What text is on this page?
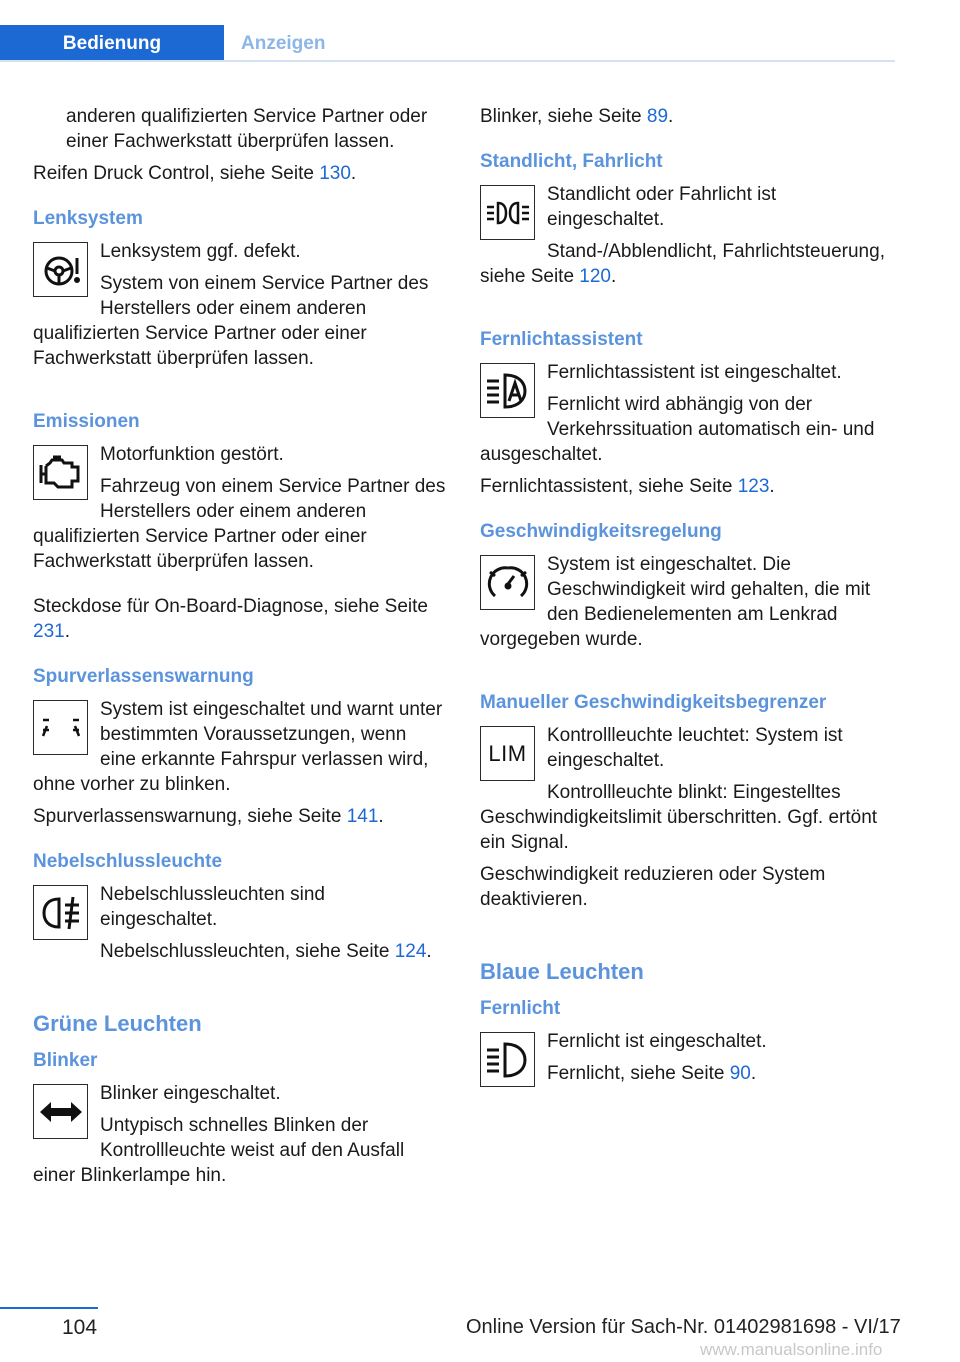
Bedienung	Anzeigen

anderen qualifizierten Service Partner oder einer Fachwerkstatt überprüfen lassen.

Reifen Druck Control, siehe Seite 130.

Lenksystem

Lenksystem ggf. defekt.

System von einem Service Partner des Herstellers oder einem anderen qualifizierten Service Partner oder einer Fachwerkstatt überprüfen lassen.

Emissionen

Motorfunktion gestört.

Fahrzeug von einem Service Partner des Herstellers oder einem anderen qualifizierten Service Partner oder einer Fachwerkstatt überprüfen lassen.

Steckdose für On-Board-Diagnose, siehe Seite 231.

Spurverlassenswarnung

System ist eingeschaltet und warnt unter bestimmten Voraussetzungen, wenn eine erkannte Fahrspur verlassen wird, ohne vorher zu blinken.

Spurverlassenswarnung, siehe Seite 141.

Nebelschlussleuchte

Nebelschlussleuchten sind eingeschaltet.

Nebelschlussleuchten, siehe Seite 124.

Grüne Leuchten
Blinker

Blinker eingeschaltet.

Untypisch schnelles Blinken der Kontrollleuchte weist auf den Ausfall einer Blinkerlampe hin.

Blinker, siehe Seite 89.

Standlicht, Fahrlicht

Standlicht oder Fahrlicht ist eingeschaltet.

Stand-/Abblendlicht, Fahrlichtsteuerung, siehe Seite 120.

Fernlichtassistent

Fernlichtassistent ist eingeschaltet.

Fernlicht wird abhängig von der Verkehrssituation automatisch ein- und ausgeschaltet.

Fernlichtassistent, siehe Seite 123.

Geschwindigkeitsregelung

System ist eingeschaltet. Die Geschwindigkeit wird gehalten, die mit den Bedienelementen am Lenkrad vorgegeben wurde.

Manueller Geschwindigkeitsbegrenzer
LIM

Kontrollleuchte leuchtet: System ist eingeschaltet.

Kontrollleuchte blinkt: Eingestelltes Geschwindigkeitslimit überschritten. Ggf. ertönt ein Signal.

Geschwindigkeit reduzieren oder System deaktivieren.

Blaue Leuchten
Fernlicht

Fernlicht ist eingeschaltet.

Fernlicht, siehe Seite 90.

104	Online Version für Sach-Nr. 01402981698 - VI/17
www.manualsonline.info
